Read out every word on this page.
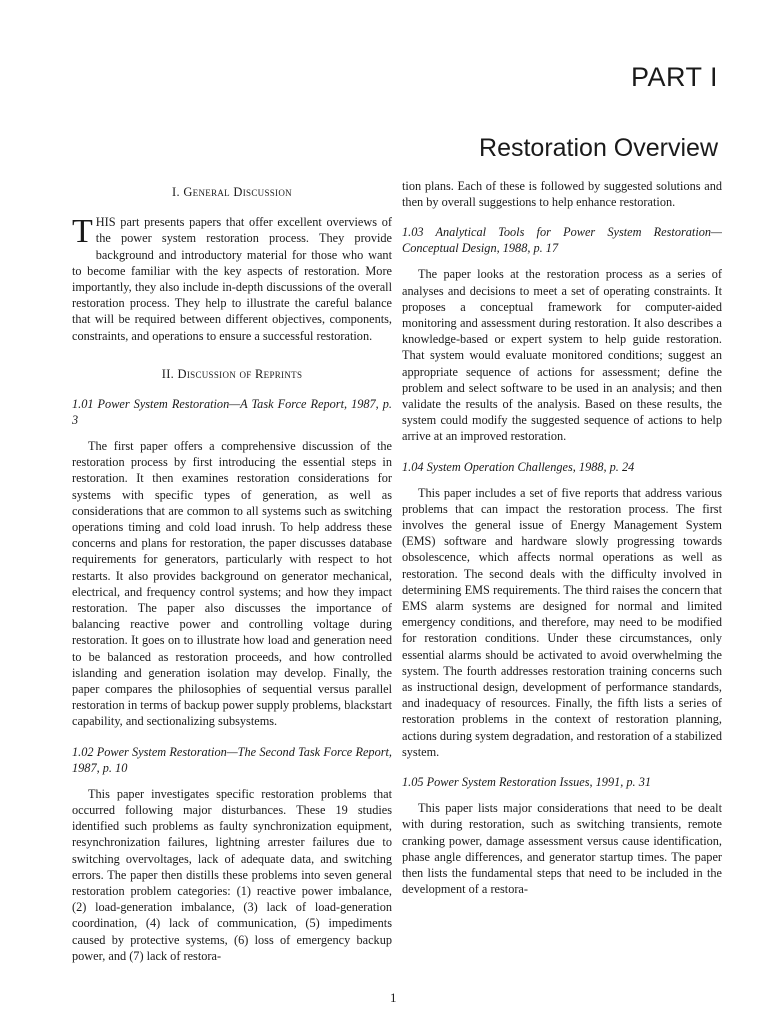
PART I
Restoration Overview
I. General Discussion

THIS part presents papers that offer excellent overviews of the power system restoration process. They provide background and introductory material for those who want to become familiar with the key aspects of restoration. More importantly, they also include in-depth discussions of the overall restoration process. They help to illustrate the careful balance that will be required between different objectives, components, constraints, and operations to ensure a successful restoration.

II. Discussion of Reprints
1.01 Power System Restoration—A Task Force Report, 1987, p. 3

The first paper offers a comprehensive discussion of the restoration process by first introducing the essential steps in restoration. It then examines restoration considerations for systems with specific types of generation, as well as considerations that are common to all systems such as switching operations timing and cold load inrush. To help address these concerns and plans for restoration, the paper discusses database requirements for generators, particularly with respect to hot restarts. It also provides background on generator mechanical, electrical, and frequency control systems; and how they impact restoration. The paper also discusses the importance of balancing reactive power and controlling voltage during restoration. It goes on to illustrate how load and generation need to be balanced as restoration proceeds, and how controlled islanding and generation isolation may develop. Finally, the paper compares the philosophies of sequential versus parallel restoration in terms of backup power supply problems, blackstart capability, and sectionalizing subsystems.

1.02 Power System Restoration—The Second Task Force Report, 1987, p. 10

This paper investigates specific restoration problems that occurred following major disturbances. These 19 studies identified such problems as faulty synchronization equipment, resynchronization failures, lightning arrester failures due to switching overvoltages, lack of adequate data, and switching errors. The paper then distills these problems into seven general restoration problem categories: (1) reactive power imbalance, (2) load-generation imbalance, (3) lack of load-generation coordination, (4) lack of communication, (5) impediments caused by protective systems, (6) loss of emergency backup power, and (7) lack of restora-

tion plans. Each of these is followed by suggested solutions and then by overall suggestions to help enhance restoration.

1.03 Analytical Tools for Power System Restoration—Conceptual Design, 1988, p. 17

The paper looks at the restoration process as a series of analyses and decisions to meet a set of operating constraints. It proposes a conceptual framework for computer-aided monitoring and assessment during restoration. It also describes a knowledge-based or expert system to help guide restoration. That system would evaluate monitored conditions; suggest an appropriate sequence of actions for assessment; define the problem and select software to be used in an analysis; and then validate the results of the analysis. Based on these results, the system could modify the suggested sequence of actions to help arrive at an improved restoration.

1.04 System Operation Challenges, 1988, p. 24

This paper includes a set of five reports that address various problems that can impact the restoration process. The first involves the general issue of Energy Management System (EMS) software and hardware slowly progressing towards obsolescence, which affects normal operations as well as restoration. The second deals with the difficulty involved in determining EMS requirements. The third raises the concern that EMS alarm systems are designed for normal and limited emergency conditions, and therefore, may need to be modified for restoration conditions. Under these circumstances, only essential alarms should be activated to avoid overwhelming the system. The fourth addresses restoration training concerns such as instructional design, development of performance standards, and inadequacy of resources. Finally, the fifth lists a series of restoration problems in the context of restoration planning, actions during system degradation, and restoration of a stabilized system.

1.05 Power System Restoration Issues, 1991, p. 31

This paper lists major considerations that need to be dealt with during restoration, such as switching transients, remote cranking power, damage assessment versus cause identification, phase angle differences, and generator startup times. The paper then lists the fundamental steps that need to be included in the development of a restora-

1
